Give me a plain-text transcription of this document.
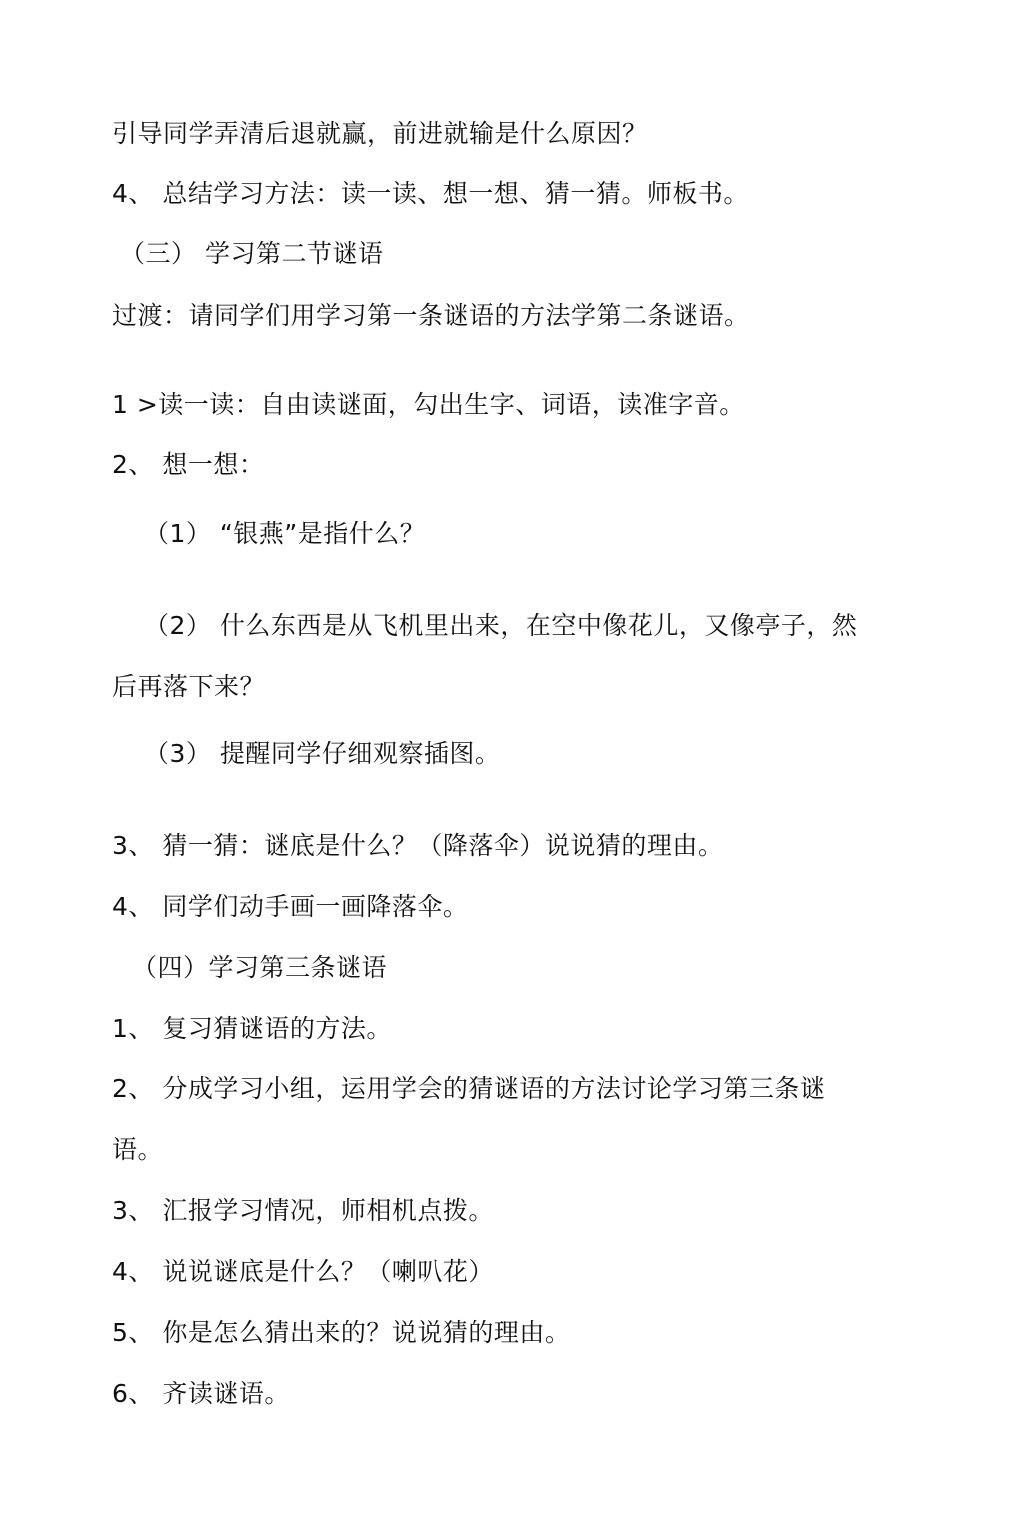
引导同学弄清后退就赢，前进就输是什么原因？
4、 总结学习方法：读一读、想一想、猜一猜。师板书。
（三） 学习第二节谜语
过渡：请同学们用学习第一条谜语的方法学第二条谜语。
1 >读一读：自由读谜面，勾出生字、词语，读准字音。
2、 想一想：
（1） “银燕”是指什么？
（2） 什么东西是从飞机里出来，在空中像花儿，又像亭子，然
后再落下来？
（3） 提醒同学仔细观察插图。
3、 猜一猜：谜底是什么？（降落伞）说说猜的理由。
4、 同学们动手画一画降落伞。
（四）学习第三条谜语
1、 复习猜谜语的方法。
2、 分成学习小组，运用学会的猜谜语的方法讨论学习第三条谜
语。
3、 汇报学习情况，师相机点拨。
4、 说说谜底是什么？（喇叭花）
5、 你是怎么猜出来的？说说猜的理由。
6、 齐读谜语。
